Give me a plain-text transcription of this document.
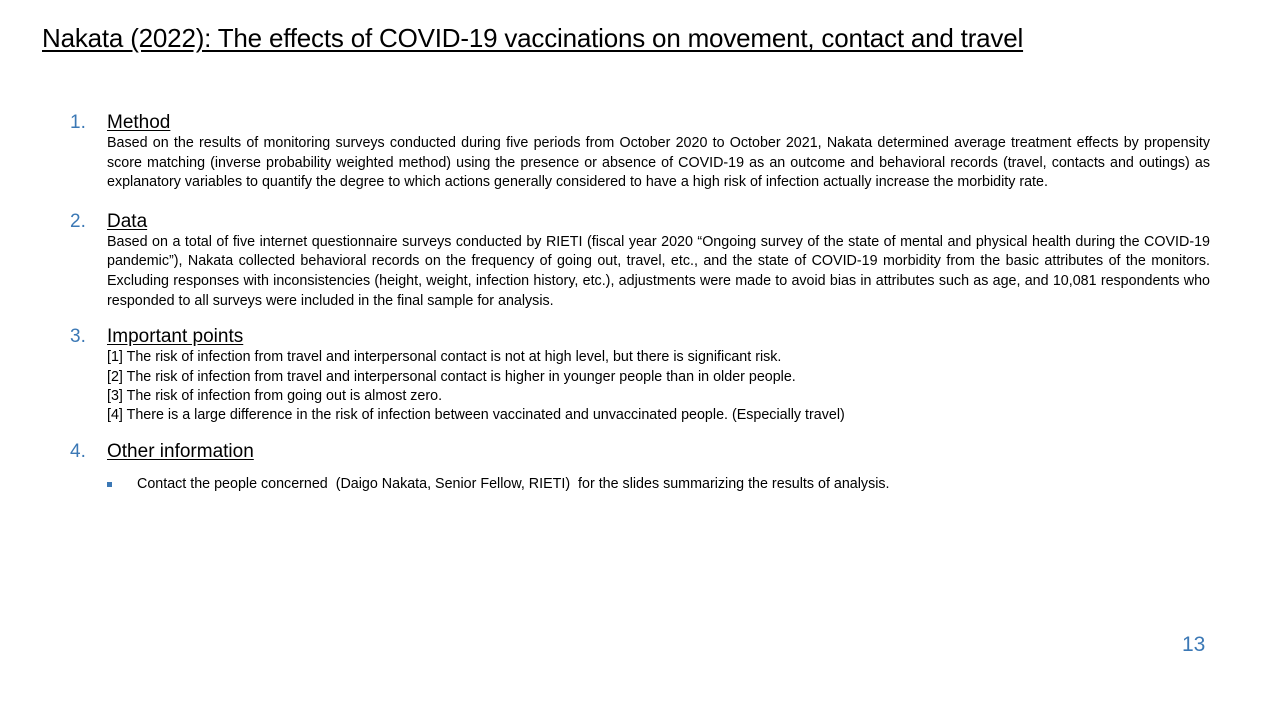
Nakata (2022): The effects of COVID-19 vaccinations on movement, contact and travel
1. Method
Based on the results of monitoring surveys conducted during five periods from October 2020 to October 2021, Nakata determined average treatment effects by propensity score matching (inverse probability weighted method) using the presence or absence of COVID-19 as an outcome and behavioral records (travel, contacts and outings) as explanatory variables to quantify the degree to which actions generally considered to have a high risk of infection actually increase the morbidity rate.
2. Data
Based on a total of five internet questionnaire surveys conducted by RIETI (fiscal year 2020 “Ongoing survey of the state of mental and physical health during the COVID-19 pandemic”), Nakata collected behavioral records on the frequency of going out, travel, etc., and the state of COVID-19 morbidity from the basic attributes of the monitors. Excluding responses with inconsistencies (height, weight, infection history, etc.), adjustments were made to avoid bias in attributes such as age, and 10,081 respondents who responded to all surveys were included in the final sample for analysis.
3. Important points
[1] The risk of infection from travel and interpersonal contact is not at high level, but there is significant risk.
[2] The risk of infection from travel and interpersonal contact is higher in younger people than in older people.
[3] The risk of infection from going out is almost zero.
[4] There is a large difference in the risk of infection between vaccinated and unvaccinated people. (Especially travel)
4. Other information
Contact the people concerned  (Daigo Nakata, Senior Fellow, RIETI)  for the slides summarizing the results of analysis.
13
